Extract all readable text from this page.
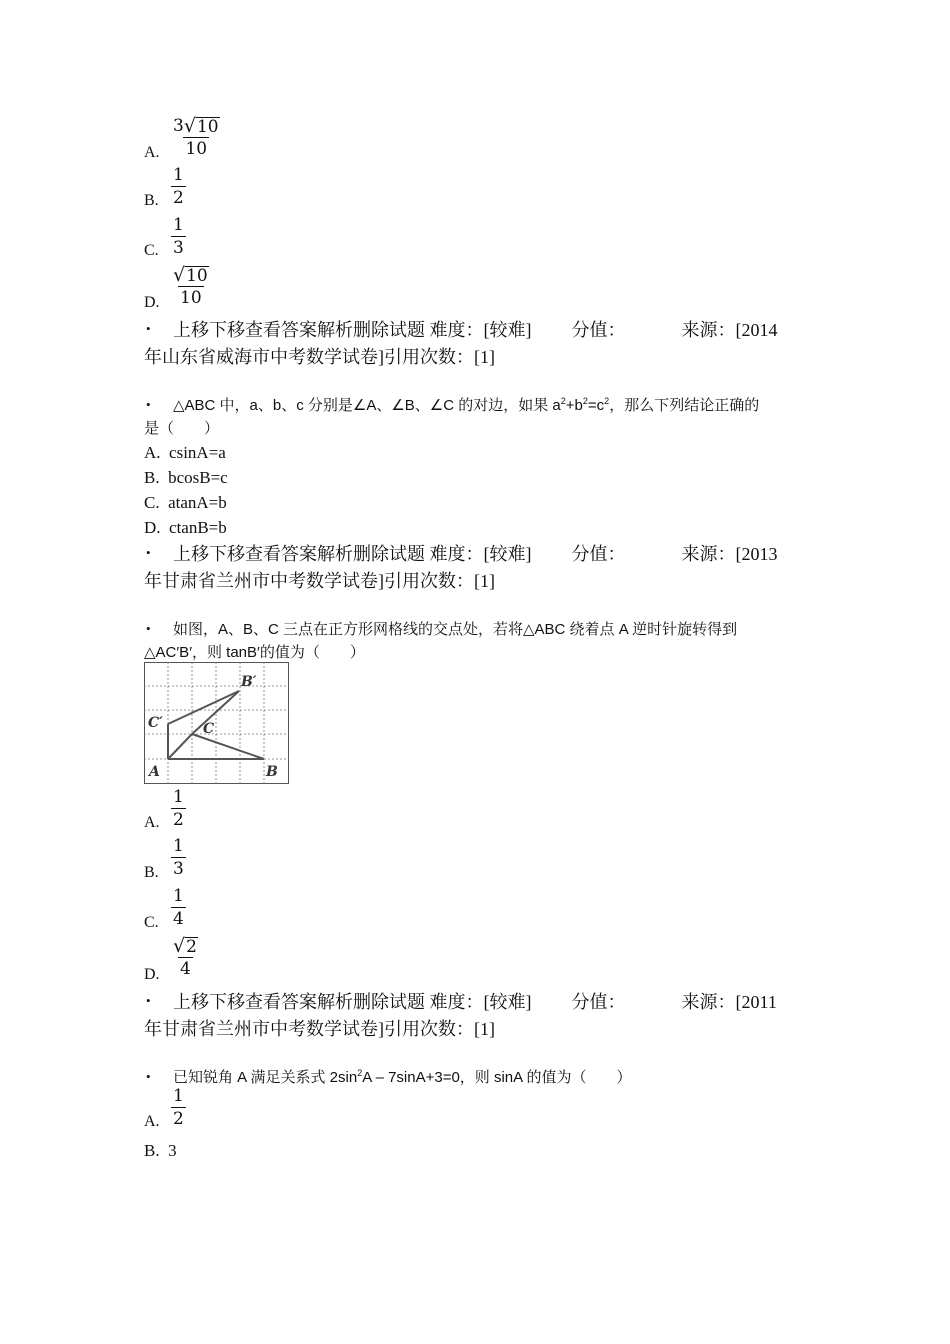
$\frac{3 √ 10}{10}$
A.
$\frac{1}{2}$
B.
$\frac{1}{3}$
C.
$\frac{√ 10}{10}$
D.
• 上移下移查看答案解析删除试题 难度：[较难] 分值：	来源：[2014
年山东省威海市中考数学试卷]引用次数：[1]
• △ABC 中，a、b、c 分别是∠A、∠B、∠C 的对边，如果 $a^2+b^2=c^2$，那么下列结论正确的
是（　　）
A. csinA=a
B. bcosB=c
C. atanA=b
D. ctanB=b
• 上移下移查看答案解析删除试题 难度：[较难] 分值：	来源：[2013
年甘肃省兰州市中考数学试卷]引用次数：[1]
• 如图，A、B、C 三点在正方形网格线的交点处，若将△ABC 绕着点 A 逆时针旋转得到
△AC′B′，则 tanB′的值为（　　）
A	B
C
C′
B′
$\frac{1}{2}$
A.
$\frac{1}{3}$
B.
$\frac{1}{4}$
C.
$\frac{√ 2}{4}$
D.
• 上移下移查看答案解析删除试题 难度：[较难] 分值：	来源：[2011
年甘肃省兰州市中考数学试卷]引用次数：[1]
• 已知锐角 A 满足关系式 $2\sin^2A - 7\sin A+3=0$，则 sinA 的值为（　　）
$\frac{1}{2}$
A.
B. 3
